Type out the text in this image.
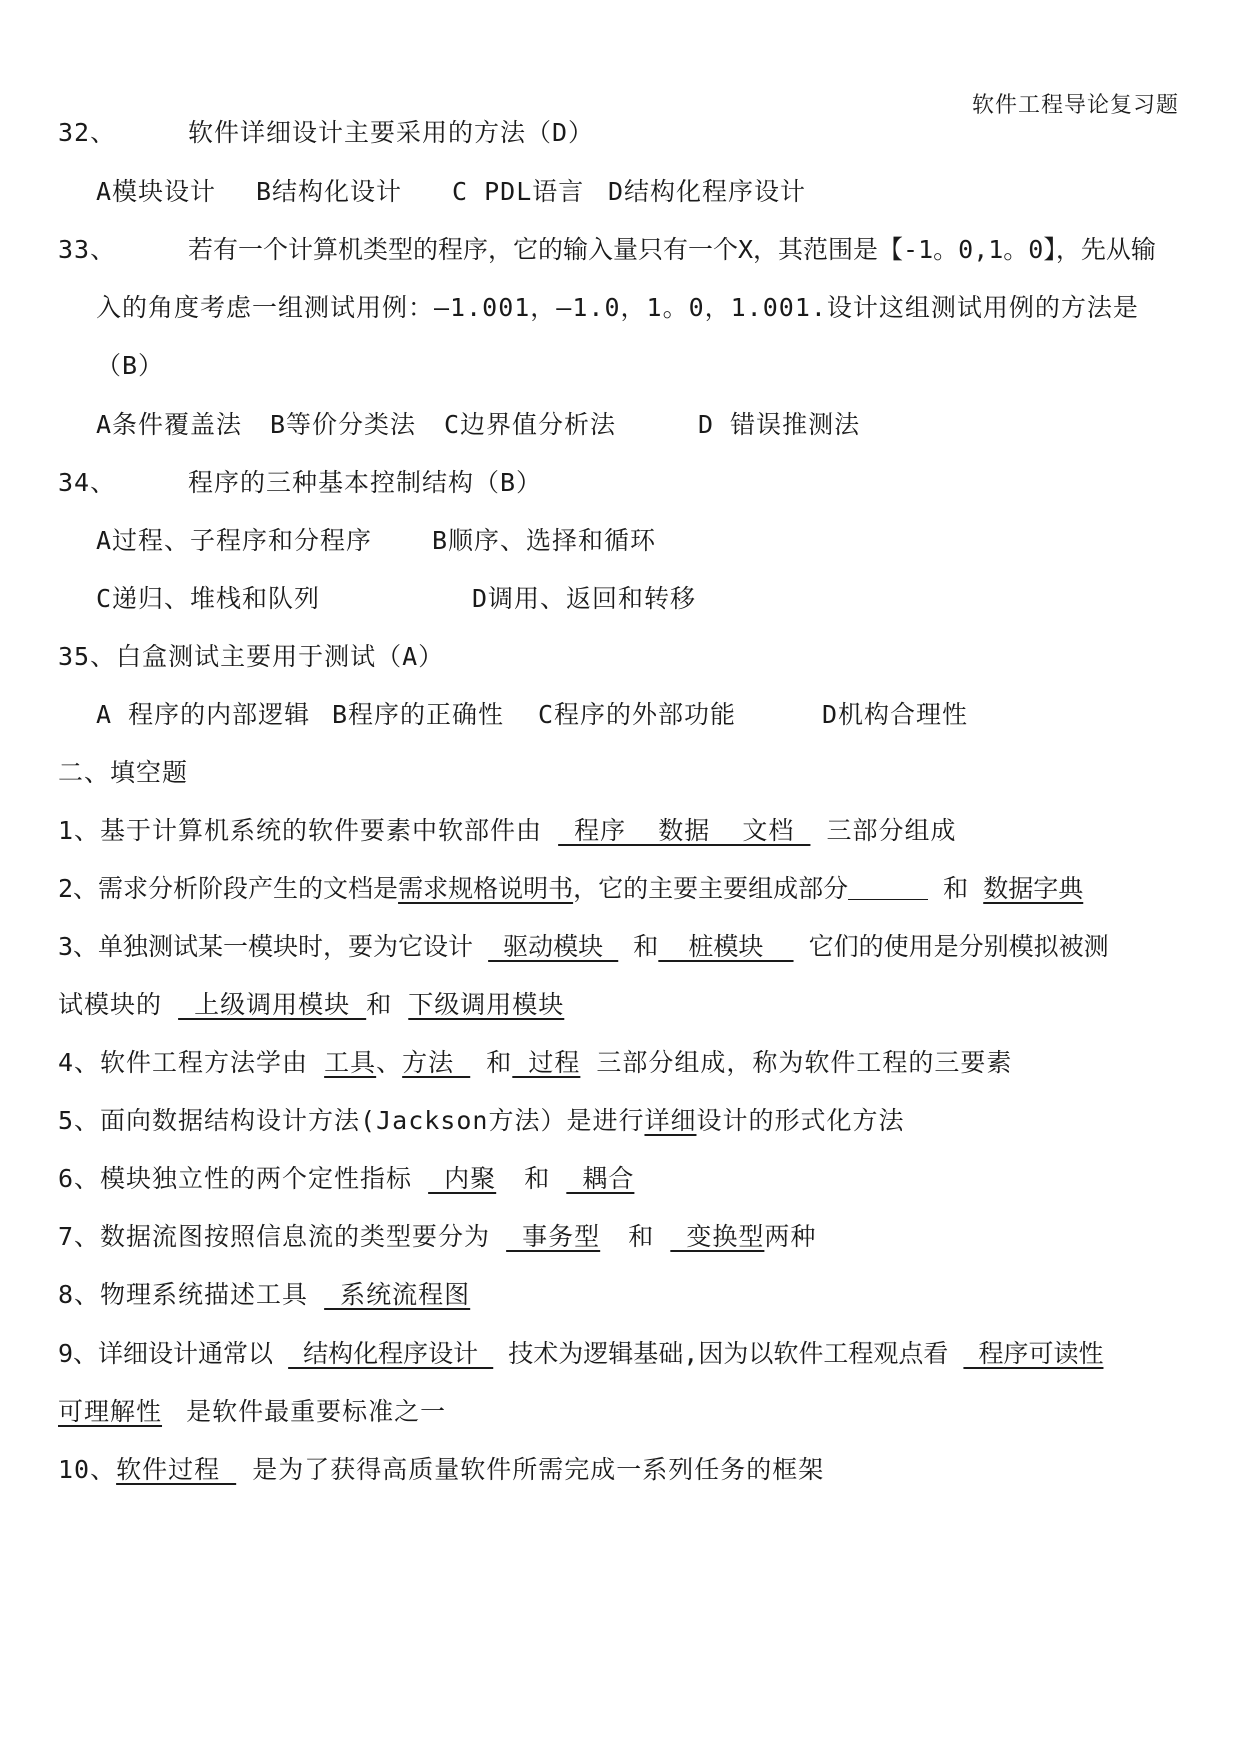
软件工程导论复习题
32、	软件详细设计主要采用的方法（D）
A模块设计 B结构化设计 C PDL语言 D结构化程序设计
33、	若有一个计算机类型的程序，它的输入量只有一个X，其范围是【-1。0,1。0】，先从输
入的角度考虑一组测试用例：—1.001，—1.0，1。0，1.001.设计这组测试用例的方法是
（B）
A条件覆盖法 B等价分类法 C边界值分析法	D 错误推测法
34、	程序的三种基本控制结构（B）
A过程、子程序和分程序 B顺序、选择和循环
C递归、堆栈和队列	D调用、返回和转移
35、白盒测试主要用于测试（A）
A 程序的内部逻辑 B程序的正确性 C程序的外部功能	D机构合理性
二、填空题
1、基于计算机系统的软件要素中软部件由  程序  数据  文档  三部分组成
2、需求分析阶段产生的文档是需求规格说明书，它的主要主要组成部分	和 数据字典
3、单独测试某一模块时，要为它设计  驱动模块  和  桩模块   它们的使用是分别模拟被测
试模块的  上级调用模块 和 下级调用模块
4、软件工程方法学由 工具、方法  和 过程 三部分组成，称为软件工程的三要素
5、面向数据结构设计方法(Jackson方法）是进行详细设计的形式化方法
6、模块独立性的两个定性指标  内聚 和  耦合
7、数据流图按照信息流的类型要分为  事务型 和  变换型两种
8、物理系统描述工具  系统流程图
9、详细设计通常以  结构化程序设计  技术为逻辑基础,因为以软件工程观点看  程序可读性
可理解性 是软件最重要标准之一
10、软件过程  是为了获得高质量软件所需完成一系列任务的框架
